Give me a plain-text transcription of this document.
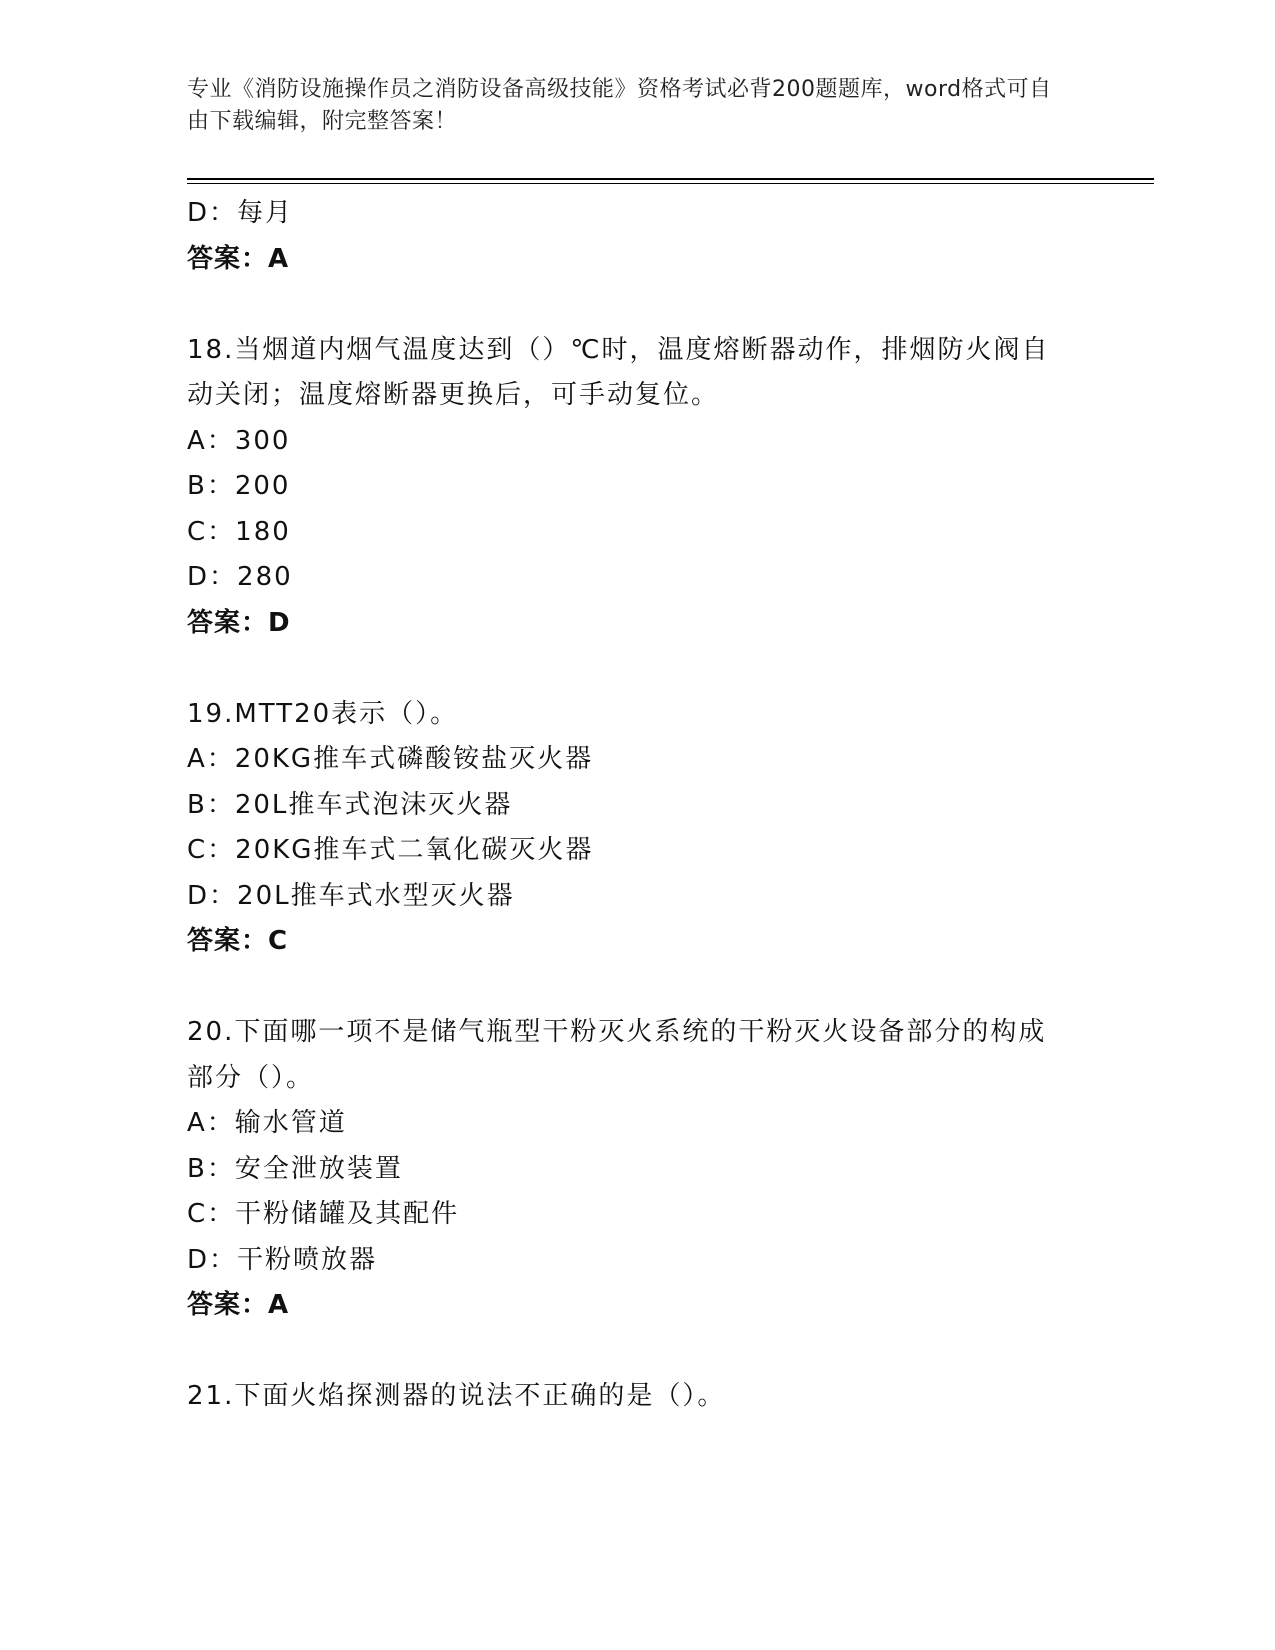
专业《消防设施操作员之消防设备高级技能》资格考试必背200题题库，word格式可自由下载编辑，附完整答案！
D：每月
答案：A
18.当烟道内烟气温度达到（）℃时，温度熔断器动作，排烟防火阀自动关闭；温度熔断器更换后，可手动复位。
A：300
B：200
C：180
D：280
答案：D
19.MTT20表示（）。
A：20KG推车式磷酸铵盐灭火器
B：20L推车式泡沫灭火器
C：20KG推车式二氧化碳灭火器
D：20L推车式水型灭火器
答案：C
20.下面哪一项不是储气瓶型干粉灭火系统的干粉灭火设备部分的构成部分（）。
A：输水管道
B：安全泄放装置
C：干粉储罐及其配件
D：干粉喷放器
答案：A
21.下面火焰探测器的说法不正确的是（）。
